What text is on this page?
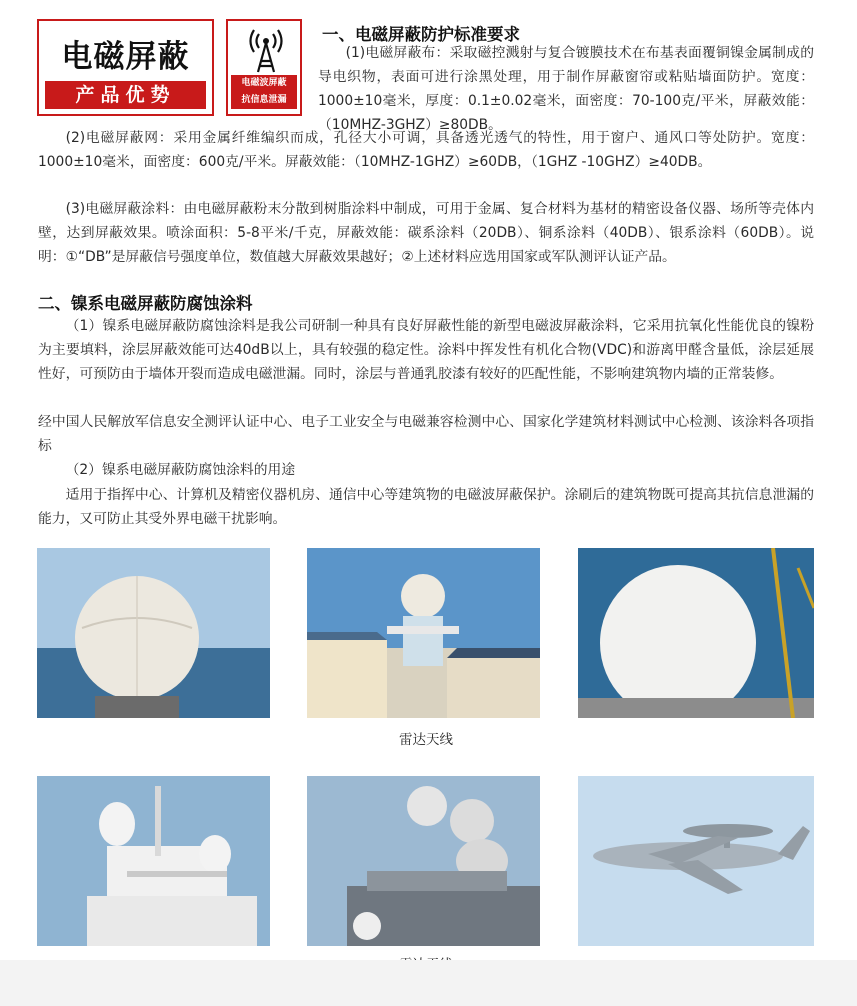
电磁屏蔽
产品优势
电磁波屏蔽
抗信息泄漏
一、电磁屏蔽防护标准要求
(1)电磁屏蔽布：采取磁控溅射与复合镀膜技术在布基表面覆铜镍金属制成的导电织物，表面可进行涂黑处理，用于制作屏蔽窗帘或粘贴墙面防护。宽度：1000±10毫米，厚度：0.1±0.02毫米，面密度：70-100克/平米，屏蔽效能：（10MHZ-3GHZ）≥80DB。
(2)电磁屏蔽网：采用金属纤维编织而成，孔径大小可调，具备透光透气的特性，用于窗户、通风口等处防护。宽度：1000±10毫米，面密度：600克/平米。屏蔽效能：（10MHZ-1GHZ）≥60DB，（1GHZ -10GHZ）≥40DB。
(3)电磁屏蔽涂料：由电磁屏蔽粉末分散到树脂涂料中制成，可用于金属、复合材料为基材的精密设备仪器、场所等壳体内壁，达到屏蔽效果。喷涂面积：5-8平米/千克，屏蔽效能：碳系涂料（20DB）、铜系涂料（40DB）、银系涂料（60DB）。说明：①“DB”是屏蔽信号强度单位，数值越大屏蔽效果越好；②上述材料应选用国家或军队测评认证产品。
二、镍系电磁屏蔽防腐蚀涂料
（1）镍系电磁屏蔽防腐蚀涂料是我公司研制一种具有良好屏蔽性能的新型电磁波屏蔽涂料，它采用抗氧化性能优良的镍粉为主要填料，涂层屏蔽效能可达40dB以上，具有较强的稳定性。涂料中挥发性有机化合物(VDC)和游离甲醛含量低，涂层延展性好，可预防由于墙体开裂而造成电磁泄漏。同时，涂层与普通乳胶漆有较好的匹配性能，不影响建筑物内墙的正常装修。
经中国人民解放军信息安全测评认证中心、电子工业安全与电磁兼容检测中心、国家化学建筑材料测试中心检测、该涂料各项指标
（2）镍系电磁屏蔽防腐蚀涂料的用途
适用于指挥中心、计算机及精密仪器机房、通信中心等建筑物的电磁波屏蔽保护。涂刷后的建筑物既可提高其抗信息泄漏的能力，又可防止其受外界电磁干扰影响。
雷达天线
